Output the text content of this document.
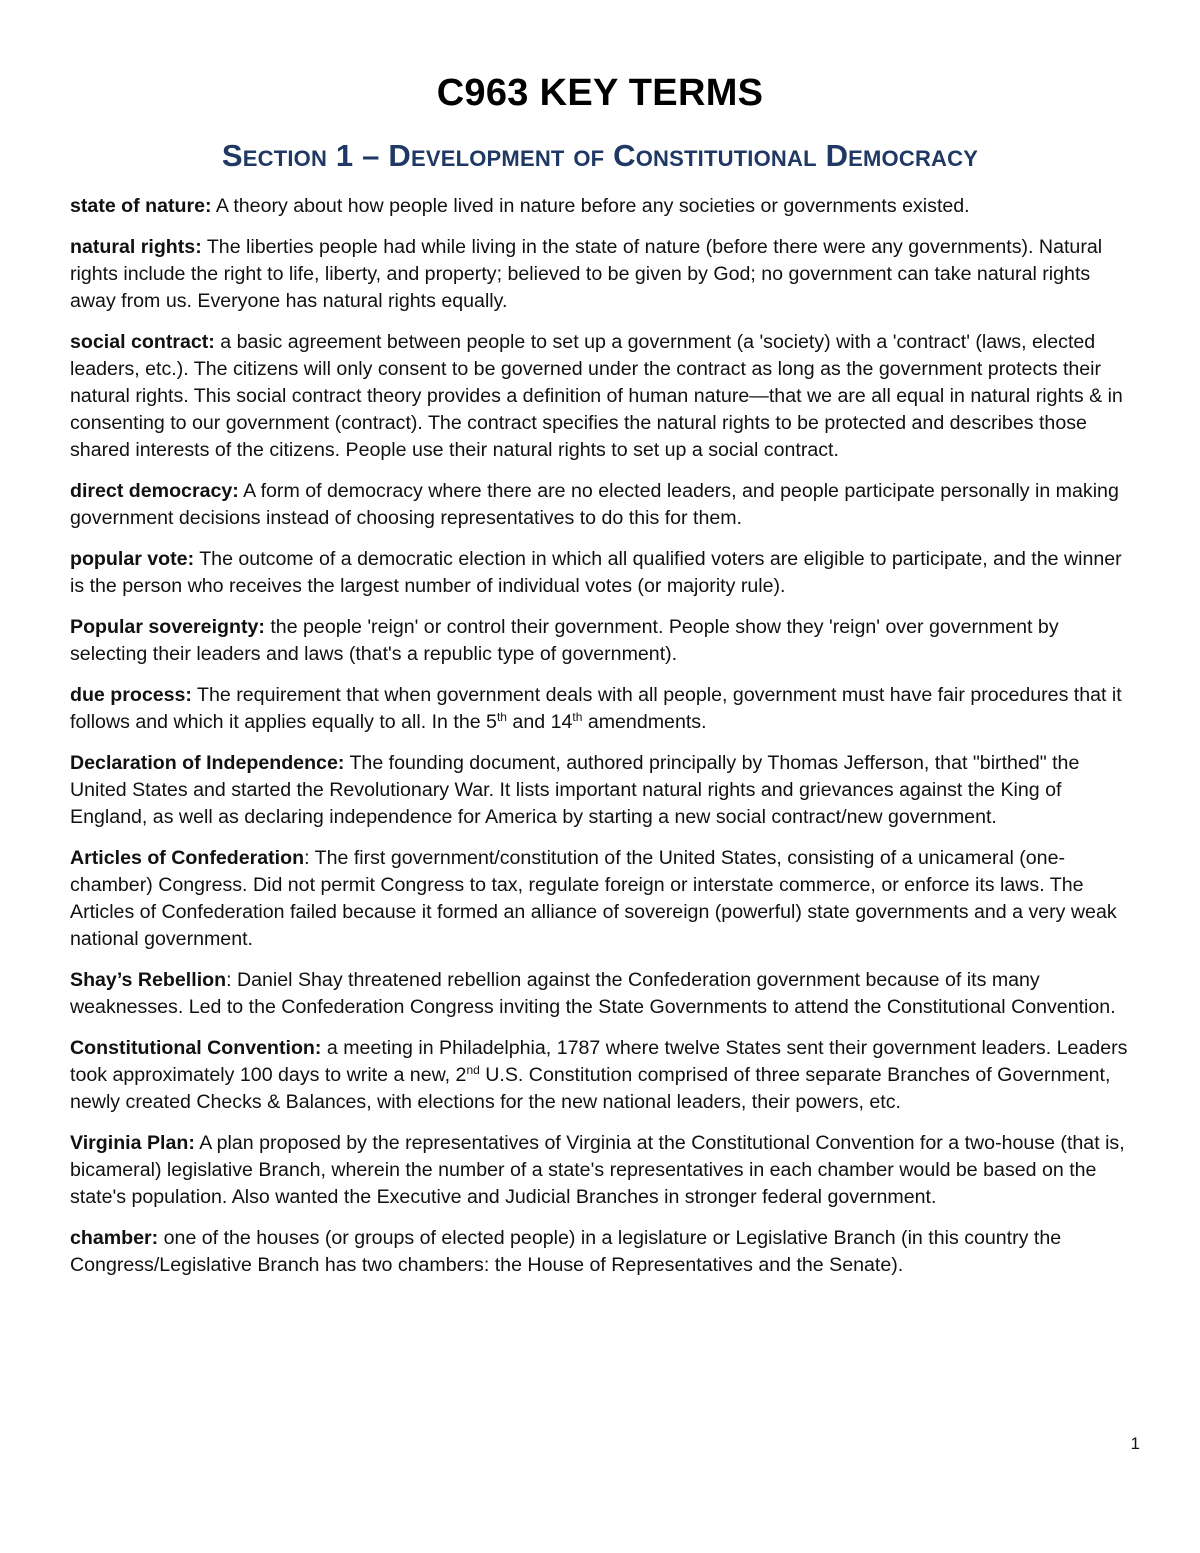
C963 KEY TERMS
Section 1 – Development of Constitutional Democracy

state of nature: A theory about how people lived in nature before any societies or governments existed.

natural rights: The liberties people had while living in the state of nature (before there were any governments). Natural rights include the right to life, liberty, and property; believed to be given by God; no government can take natural rights away from us. Everyone has natural rights equally.

social contract: a basic agreement between people to set up a government (a 'society) with a 'contract' (laws, elected leaders, etc.). The citizens will only consent to be governed under the contract as long as the government protects their natural rights. This social contract theory provides a definition of human nature—that we are all equal in natural rights & in consenting to our government (contract). The contract specifies the natural rights to be protected and describes those shared interests of the citizens. People use their natural rights to set up a social contract.

direct democracy: A form of democracy where there are no elected leaders, and people participate personally in making government decisions instead of choosing representatives to do this for them.

popular vote: The outcome of a democratic election in which all qualified voters are eligible to participate, and the winner is the person who receives the largest number of individual votes (or majority rule).

Popular sovereignty: the people 'reign' or control their government. People show they 'reign' over government by selecting their leaders and laws (that's a republic type of government).

due process: The requirement that when government deals with all people, government must have fair procedures that it follows and which it applies equally to all. In the 5th and 14th amendments.

Declaration of Independence: The founding document, authored principally by Thomas Jefferson, that "birthed" the United States and started the Revolutionary War. It lists important natural rights and grievances against the King of England, as well as declaring independence for America by starting a new social contract/new government.

Articles of Confederation: The first government/constitution of the United States, consisting of a unicameral (one-chamber) Congress. Did not permit Congress to tax, regulate foreign or interstate commerce, or enforce its laws. The Articles of Confederation failed because it formed an alliance of sovereign (powerful) state governments and a very weak national government.

Shay’s Rebellion: Daniel Shay threatened rebellion against the Confederation government because of its many weaknesses. Led to the Confederation Congress inviting the State Governments to attend the Constitutional Convention.

Constitutional Convention: a meeting in Philadelphia, 1787 where twelve States sent their government leaders. Leaders took approximately 100 days to write a new, 2nd U.S. Constitution comprised of three separate Branches of Government, newly created Checks & Balances, with elections for the new national leaders, their powers, etc.

Virginia Plan: A plan proposed by the representatives of Virginia at the Constitutional Convention for a two-house (that is, bicameral) legislative Branch, wherein the number of a state's representatives in each chamber would be based on the state's population. Also wanted the Executive and Judicial Branches in stronger federal government.

chamber: one of the houses (or groups of elected people) in a legislature or Legislative Branch (in this country the Congress/Legislative Branch has two chambers: the House of Representatives and the Senate).

1
